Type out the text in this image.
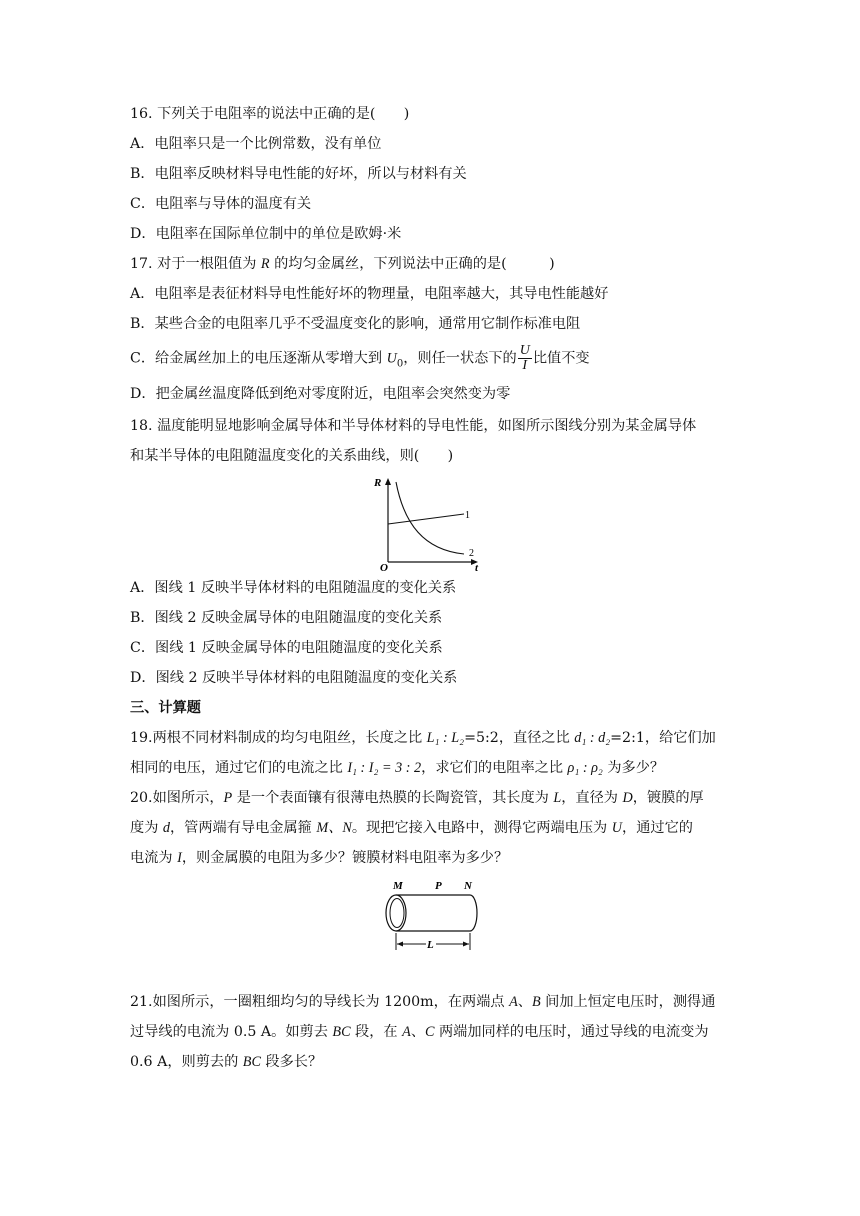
16. 下列关于电阻率的说法中正确的是(　　)
A．电阻率只是一个比例常数，没有单位
B．电阻率反映材料导电性能的好坏，所以与材料有关
C．电阻率与导体的温度有关
D．电阻率在国际单位制中的单位是欧姆·米
17. 对于一根阻值为 R 的均匀金属丝，下列说法中正确的是(　　　)
A．电阻率是表征材料导电性能好坏的物理量，电阻率越大，其导电性能越好
B．某些合金的电阻率几乎不受温度变化的影响，通常用它制作标准电阻
C．给金属丝加上的电压逐渐从零增大到 $U_0$，则任一状态下的 $\frac{U}{I}$ 比值不变
D．把金属丝温度降低到绝对零度附近，电阻率会突然变为零
18. 温度能明显地影响金属导体和半导体材料的导电性能，如图所示图线分别为某金属导体
和某半导体的电阻随温度变化的关系曲线，则(　　)
R
t
O
1
2
A．图线 1 反映半导体材料的电阻随温度的变化关系
B．图线 2 反映金属导体的电阻随温度的变化关系
C．图线 1 反映金属导体的电阻随温度的变化关系
D．图线 2 反映半导体材料的电阻随温度的变化关系
三、计算题
19.两根不同材料制成的均匀电阻丝，长度之比 L₁ : L₂=5:2，直径之比 d₁ : d₂=2:1，给它们加
相同的电压，通过它们的电流之比 I₁ : I₂ = 3 : 2，求它们的电阻率之比 ρ₁ : ρ₂ 为多少？
20.如图所示，P 是一个表面镶有很薄电热膜的长陶瓷管，其长度为 L，直径为 D，镀膜的厚
度为 d，管两端有导电金属箍 M、N。现把它接入电路中，测得它两端电压为 U，通过它的
电流为 I，则金属膜的电阻为多少？镀膜材料电阻率为多少？
M	P N
L
21.如图所示，一圈粗细均匀的导线长为 1200m，在两端点 A、B 间加上恒定电压时，测得通
过导线的电流为 0.5 A。如剪去 BC 段，在 A、C 两端加同样的电压时，通过导线的电流变为
0.6 A，则剪去的 BC 段多长？
